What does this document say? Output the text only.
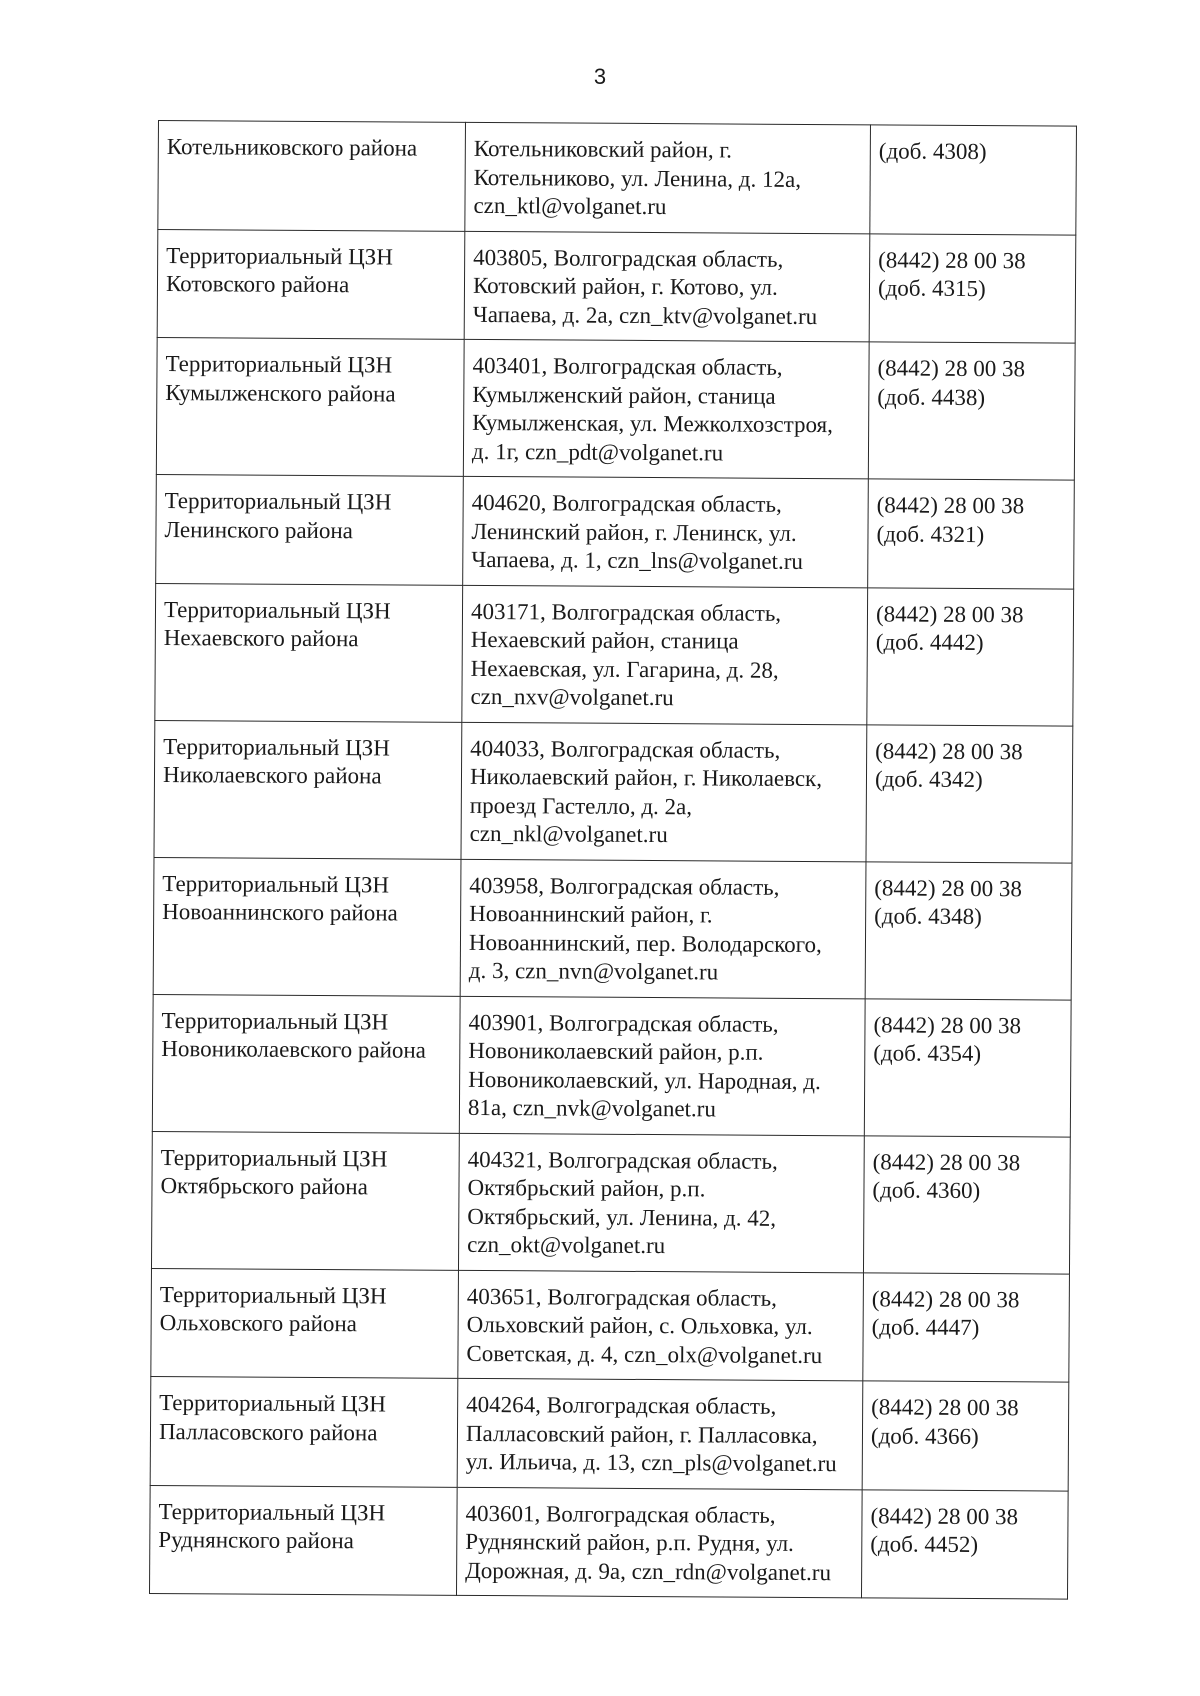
3
Котельниковского района	Котельниковский район, г.
Котельниково, ул. Ленина, д. 12а,
czn_ktl@volganet.ru	(доб. 4308)

Территориальный ЦЗН
Котовского района	403805, Волгоградская область,
Котовский район, г. Котово, ул.
Чапаева, д. 2а, czn_ktv@volganet.ru	(8442) 28 00 38
(доб. 4315)

Территориальный ЦЗН
Кумылженского района	403401, Волгоградская область,
Кумылженский район, станица
Кумылженская, ул. Межколхозстроя,
д. 1г, czn_pdt@volganet.ru	(8442) 28 00 38
(доб. 4438)

Территориальный ЦЗН
Ленинского района	404620, Волгоградская область,
Ленинский район, г. Ленинск, ул.
Чапаева, д. 1, czn_lns@volganet.ru	(8442) 28 00 38
(доб. 4321)

Территориальный ЦЗН
Нехаевского района	403171, Волгоградская область,
Нехаевский район, станица
Нехаевская, ул. Гагарина, д. 28,
czn_nxv@volganet.ru	(8442) 28 00 38
(доб. 4442)

Территориальный ЦЗН
Николаевского района	404033, Волгоградская область,
Николаевский район, г. Николаевск,
проезд Гастелло, д. 2а,
czn_nkl@volganet.ru	(8442) 28 00 38
(доб. 4342)

Территориальный ЦЗН
Новоаннинского района	403958, Волгоградская область,
Новоаннинский район, г.
Новоаннинский, пер. Володарского,
д. 3, czn_nvn@volganet.ru	(8442) 28 00 38
(доб. 4348)

Территориальный ЦЗН
Новониколаевского района	403901, Волгоградская область,
Новониколаевский район, р.п.
Новониколаевский, ул. Народная, д.
81а, czn_nvk@volganet.ru	(8442) 28 00 38
(доб. 4354)

Территориальный ЦЗН
Октябрьского района	404321, Волгоградская область,
Октябрьский район, р.п.
Октябрьский, ул. Ленина, д. 42,
czn_okt@volganet.ru	(8442) 28 00 38
(доб. 4360)

Территориальный ЦЗН
Ольховского района	403651, Волгоградская область,
Ольховский район, с. Ольховка, ул.
Советская, д. 4, czn_olx@volganet.ru	(8442) 28 00 38
(доб. 4447)

Территориальный ЦЗН
Палласовского района	404264, Волгоградская область,
Палласовский район, г. Палласовка,
ул. Ильича, д. 13, czn_pls@volganet.ru	(8442) 28 00 38
(доб. 4366)

Территориальный ЦЗН
Руднянского района	403601, Волгоградская область,
Руднянский район, р.п. Рудня, ул.
Дорожная, д. 9а, czn_rdn@volganet.ru	(8442) 28 00 38
(доб. 4452)
